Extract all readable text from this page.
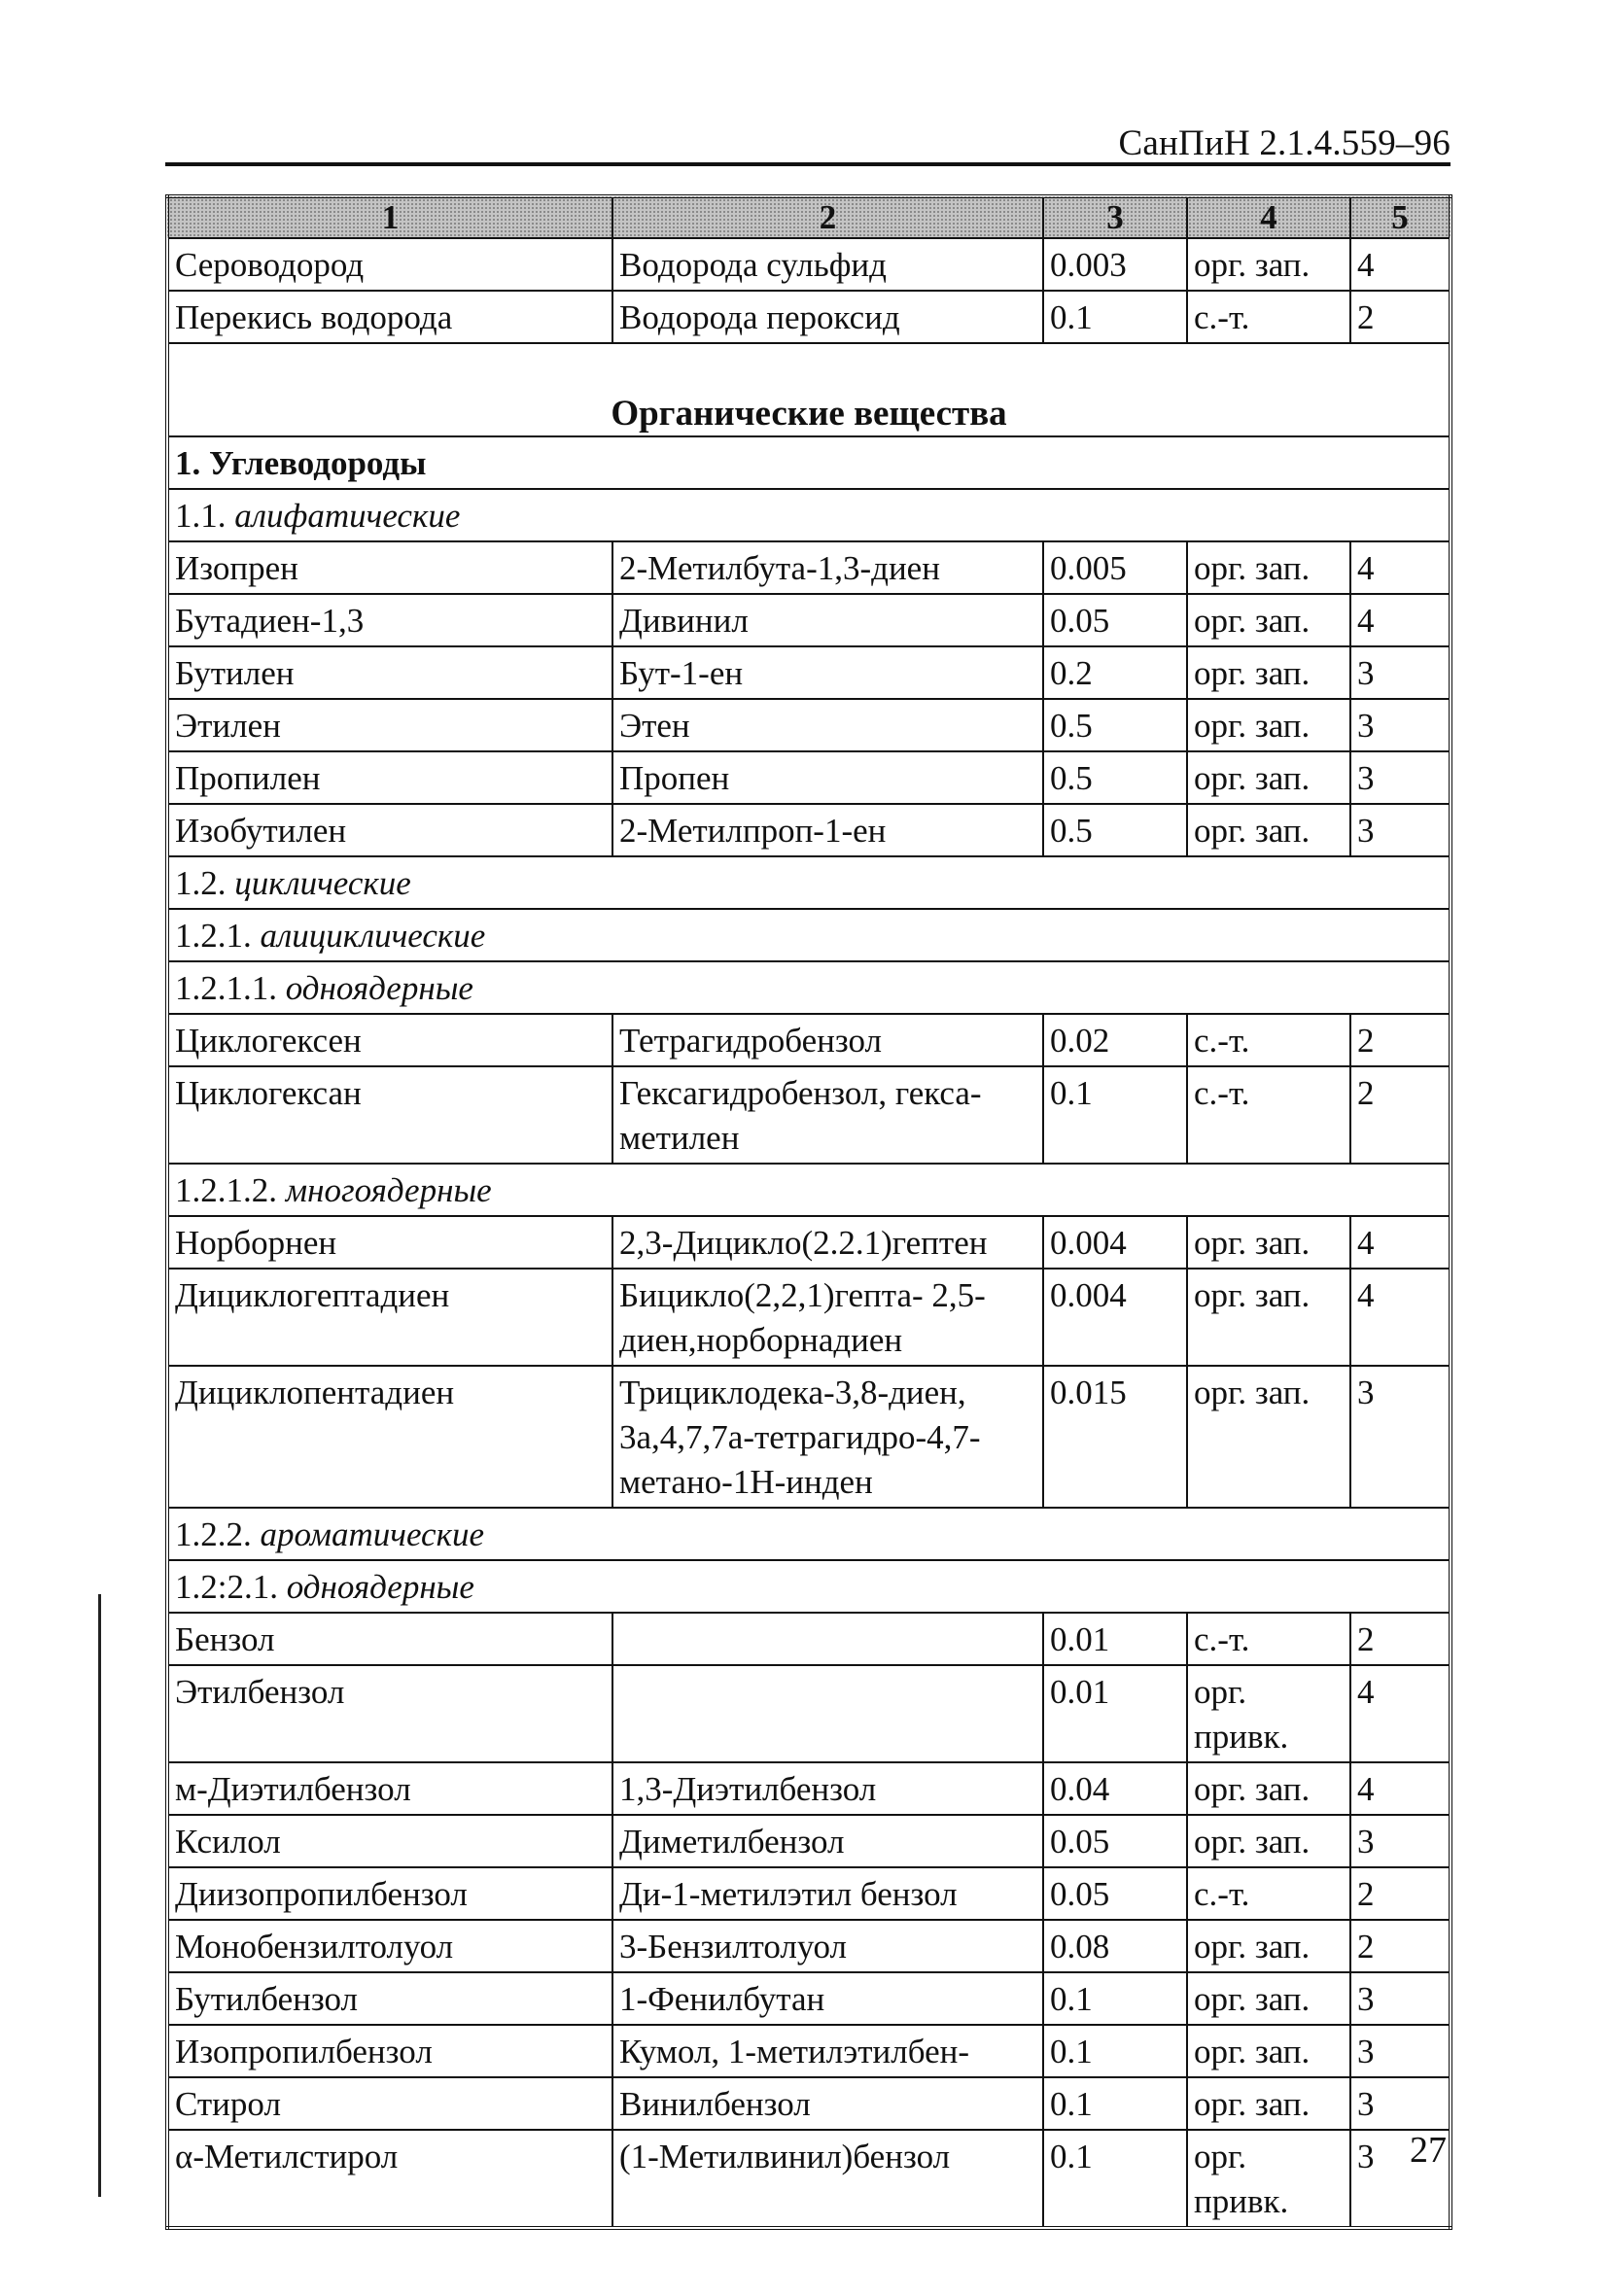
СанПиН 2.1.4.559–96
1	2	3	4	5
Сероводород	Водорода сульфид	0.003	орг. зап.	4
Перекись водорода	Водорода пероксид	0.1	с.-т.	2
Органические вещества				
1. Углеводороды				
1.1. алифатические				
Изопрен	2-Метилбута-1,3-диен	0.005	орг. зап.	4
Бутадиен-1,3	Дивинил	0.05	орг. зап.	4
Бутилен	Бут-1-ен	0.2	орг. зап.	3
Этилен	Этен	0.5	орг. зап.	3
Пропилен	Пропен	0.5	орг. зап.	3
Изобутилен	2-Метилпроп-1-ен	0.5	орг. зап.	3
1.2. циклические				
1.2.1. алициклические				
1.2.1.1. одноядерные				
Циклогексен	Тетрагидробензол	0.02	с.-т.	2
Циклогексан	Гексагидробензол, гекса-метилен	0.1	с.-т.	2
1.2.1.2. многоядерные				
Норборнен	2,3-Дицикло(2.2.1)гептен	0.004	орг. зап.	4
Дициклогептадиен	Бицикло(2,2,1)гепта- 2,5-диен,норборнадиен	0.004	орг. зап.	4
Дициклопентадиен	Трициклодека-3,8-диен, 3а,4,7,7а-тетрагидро-4,7-метано-1Н-инден	0.015	орг. зап.	3
1.2.2. ароматические				
1.2:2.1. одноядерные				
Бензол		0.01	с.-т.	2
Этилбензол		0.01	орг. привк.	4
м-Диэтилбензол	1,3-Диэтилбензол	0.04	орг. зап.	4
Ксилол	Диметилбензол	0.05	орг. зап.	3
Диизопропилбензол	Ди-1-метилэтил бензол	0.05	с.-т.	2
Монобензилтолуол	3-Бензилтолуол	0.08	орг. зап.	2
Бутилбензол	1-Фенилбутан	0.1	орг. зап.	3
Изопропилбензол	Кумол, 1-метилэтилбен-	0.1	орг. зап.	3
Стирол	Винилбензол	0.1	орг. зап.	3
α-Метилстирол	(1-Метилвинил)бензол	0.1	орг. привк.	3 27
